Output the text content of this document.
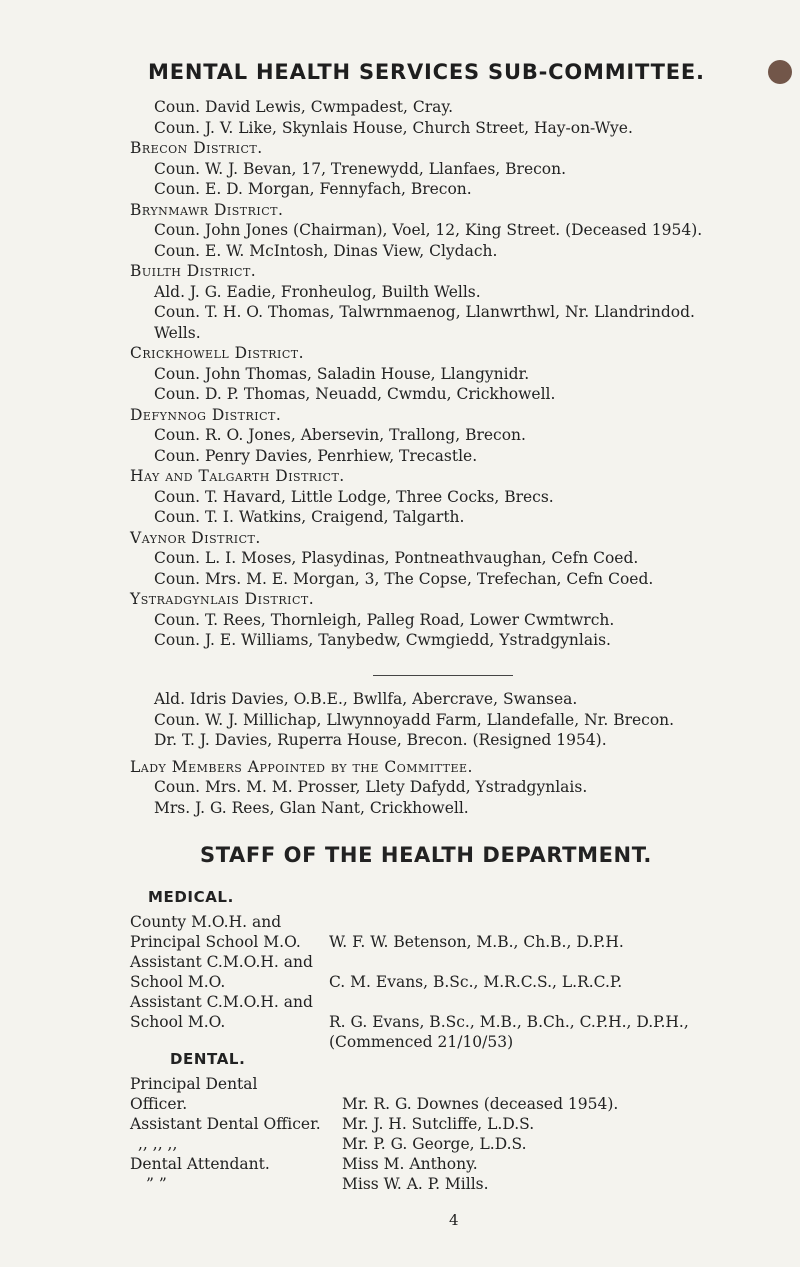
MENTAL HEALTH SERVICES SUB-COMMITTEE.
Coun. David Lewis, Cwmpadest, Cray.
Coun. J. V. Like, Skynlais House, Church Street, Hay-on-Wye.
Brecon District.
Coun. W. J. Bevan, 17, Trenewydd, Llanfaes, Brecon.
Coun. E. D. Morgan, Fennyfach, Brecon.
Brynmawr District.
Coun. John Jones (Chairman), Voel, 12, King Street. (Deceased 1954).
Coun. E. W. McIntosh, Dinas View, Clydach.
Builth District.
Ald. J. G. Eadie, Fronheulog, Builth Wells.
Coun. T. H. O. Thomas, Talwrnmaenog, Llanwrthwl, Nr. Llandrindod.
Wells.
Crickhowell District.
Coun. John Thomas, Saladin House, Llangynidr.
Coun. D. P. Thomas, Neuadd, Cwmdu, Crickhowell.
Defynnog District.
Coun. R. O. Jones, Abersevin, Trallong, Brecon.
Coun. Penry Davies, Penrhiew, Trecastle.
Hay and Talgarth District.
Coun. T. Havard, Little Lodge, Three Cocks, Brecs.
Coun. T. I. Watkins, Craigend, Talgarth.
Vaynor District.
Coun. L. I. Moses, Plasydinas, Pontneathvaughan, Cefn Coed.
Coun. Mrs. M. E. Morgan, 3, The Copse, Trefechan, Cefn Coed.
Ystradgynlais District.
Coun. T. Rees, Thornleigh, Palleg Road, Lower Cwmtwrch.
Coun. J. E. Williams, Tanybedw, Cwmgiedd, Ystradgynlais.
Ald. Idris Davies, O.B.E., Bwllfa, Abercrave, Swansea.
Coun. W. J. Millichap, Llwynnoyadd Farm, Llandefalle, Nr. Brecon.
Dr. T. J. Davies, Ruperra House, Brecon. (Resigned 1954).
Lady Members Appointed by the Committee.
Coun. Mrs. M. M. Prosser, Llety Dafydd, Ystradgynlais.
Mrs. J. G. Rees, Glan Nant, Crickhowell.
STAFF OF THE HEALTH DEPARTMENT.
MEDICAL.
County M.O.H. and
Principal School M.O.
Assistant C.M.O.H. and
School M.O.
Assistant C.M.O.H. and
School M.O.
W. F. W. Betenson, M.B., Ch.B., D.P.H.
C. M. Evans, B.Sc., M.R.C.S., L.R.C.P.
R. G. Evans, B.Sc., M.B., B.Ch., C.P.H., D.P.H.,
(Commenced 21/10/53)
DENTAL.
Principal Dental
Officer.
Assistant Dental Officer.
,, ,, ,,
Dental Attendant.
” ”
Mr. R. G. Downes (deceased 1954).
Mr. J. H. Sutcliffe, L.D.S.
Mr. P. G. George, L.D.S.
Miss M. Anthony.
Miss W. A. P. Mills.
4
